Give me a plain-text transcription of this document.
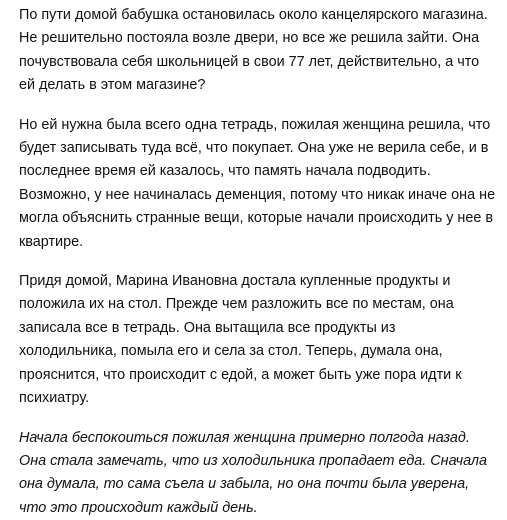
По пути домой бабушка остановилась около канцелярского магазина. Не решительно постояла возле двери, но все же решила зайти. Она почувствовала себя школьницей в свои 77 лет, действительно, а что ей делать в этом магазине?

Но ей нужна была всего одна тетрадь, пожилая женщина решила, что будет записывать туда всё, что покупает. Она уже не верила себе, и в последнее время ей казалось, что память начала подводить. Возможно, у нее начиналась деменция, потому что никак иначе она не могла объяснить странные вещи, которые начали происходить у нее в квартире.

Придя домой, Марина Ивановна достала купленные продукты и положила их на стол. Прежде чем разложить все по местам, она записала все в тетрадь. Она вытащила все продукты из холодильника, помыла его и села за стол. Теперь, думала она, прояснится, что происходит с едой, а может быть уже пора идти к психиатру.

Начала беспокоиться пожилая женщина примерно полгода назад. Она стала замечать, что из холодильника пропадает еда. Сначала она думала, то сама съела и забыла, но она почти была уверена, что это происходит каждый день.
